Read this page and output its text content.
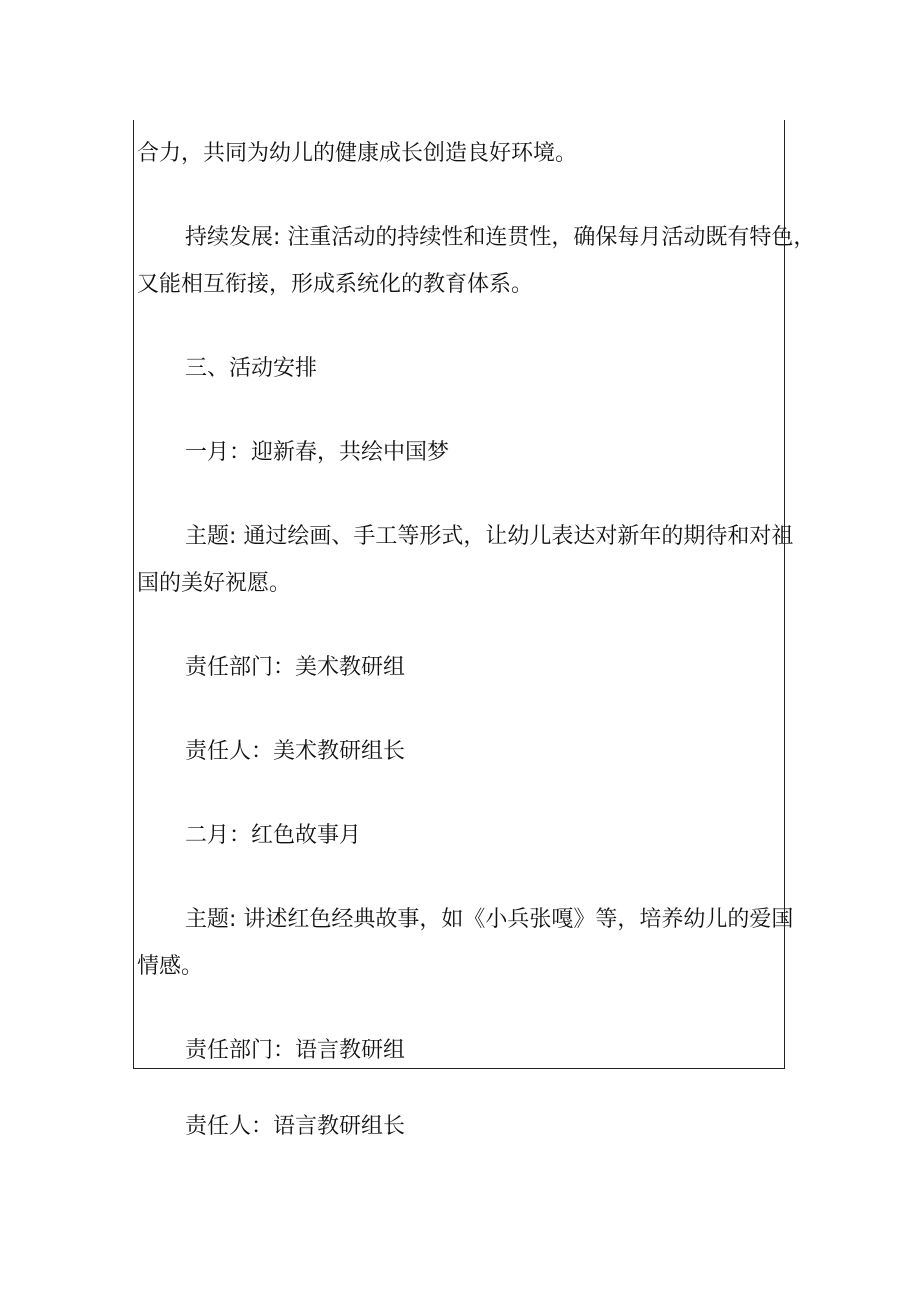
合力，共同为幼儿的健康成长创造良好环境。

持续发展: 注重活动的持续性和连贯性，确保每月活动既有特色，

又能相互衔接，形成系统化的教育体系。

三、活动安排

一月：迎新春，共绘中国梦

主题: 通过绘画、手工等形式，让幼儿表达对新年的期待和对祖

国的美好祝愿。

责任部门：美术教研组

责任人：美术教研组长

二月：红色故事月

主题: 讲述红色经典故事，如《小兵张嘎》等，培养幼儿的爱国

情感。

责任部门：语言教研组

责任人：语言教研组长
